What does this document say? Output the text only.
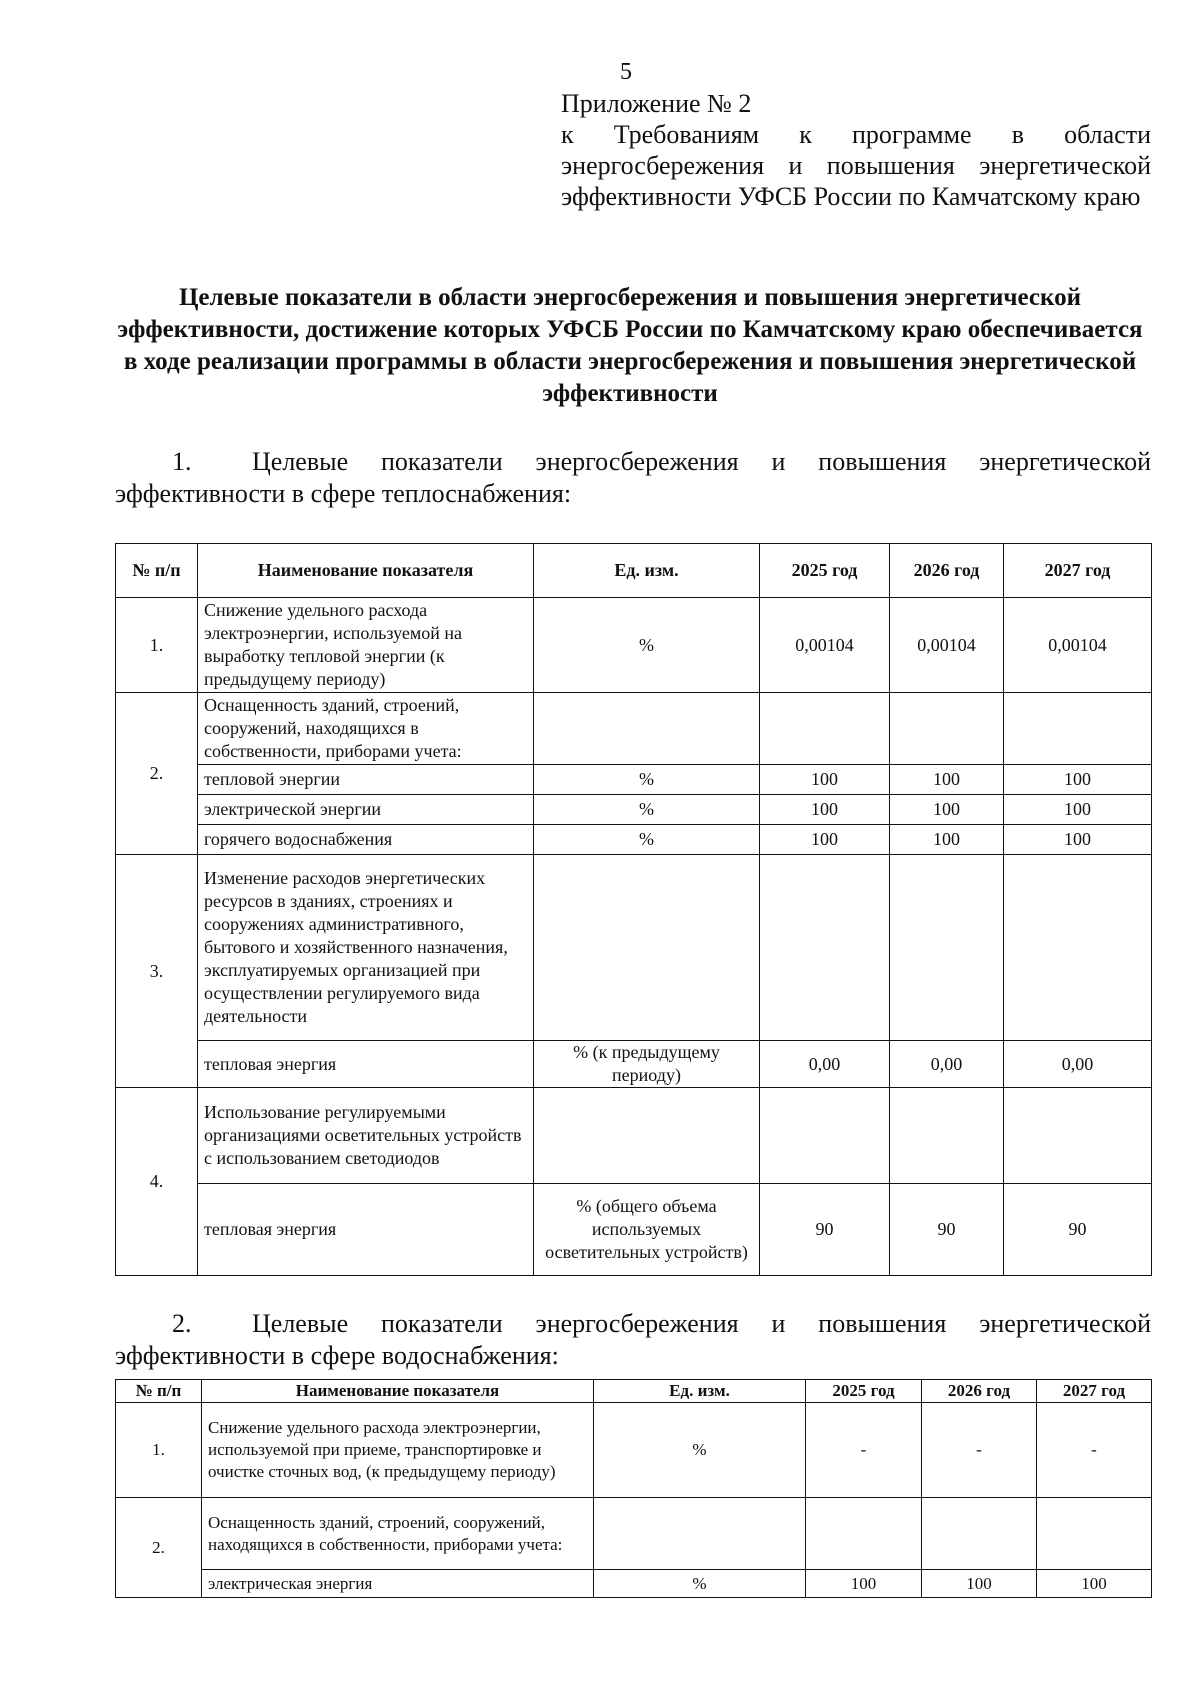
5
Приложение № 2
к Требованиям к программе в области энергосбережения и повышения энергетической эффективности УФСБ России по Камчатскому краю
Целевые показатели в области энергосбережения и повышения энергетической эффективности, достижение которых УФСБ России по Камчатскому краю обеспечивается в ходе реализации программы в области энергосбережения и повышения энергетической эффективности
1. Целевые показатели энергосбережения и повышения энергетической эффективности в сфере теплоснабжения:
№ п/п	Наименование показателя	Ед. изм.	2025 год	2026 год	2027 год
1.	Снижение удельного расхода электроэнергии, используемой на выработку тепловой энергии (к предыдущему периоду)	%	0,00104	0,00104	0,00104
2.	Оснащенность зданий, строений, сооружений, находящихся в собственности, приборами учета:				
	тепловой энергии	%	100	100	100
	электрической энергии	%	100	100	100
	горячего водоснабжения	%	100	100	100
3.	Изменение расходов энергетических ресурсов в зданиях, строениях и сооружениях административного, бытового и хозяйственного назначения, эксплуатируемых организацией при осуществлении регулируемого вида деятельности				
	тепловая энергия	% (к предыдущему периоду)	0,00	0,00	0,00
4.	Использование регулируемыми организациями осветительных устройств с использованием светодиодов				
	тепловая энергия	% (общего объема используемых осветительных устройств)	90	90	90
2. Целевые показатели энергосбережения и повышения энергетической эффективности в сфере водоснабжения:
№ п/п	Наименование показателя	Ед. изм.	2025 год	2026 год	2027 год
1.	Снижение удельного расхода электроэнергии, используемой при приеме, транспортировке и очистке сточных вод, (к предыдущему периоду)	%	-	-	-
2.	Оснащенность зданий, строений, сооружений, находящихся в собственности, приборами учета:				
	электрическая энергия	%	100	100	100
